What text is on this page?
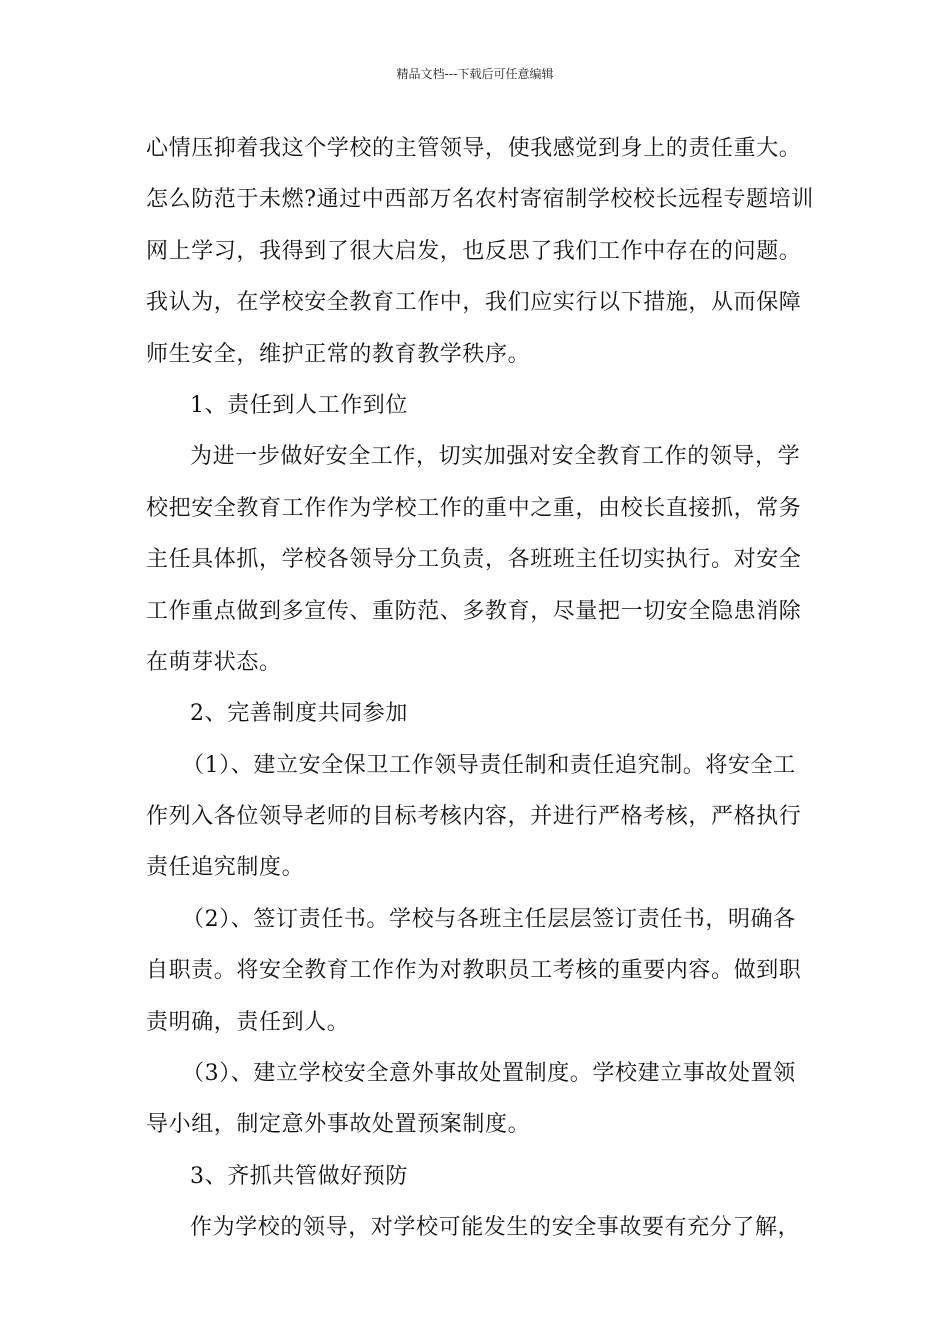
精品文档---下载后可任意编辑
心情压抑着我这个学校的主管领导，使我感觉到身上的责任重大。
怎么防范于未燃?通过中西部万名农村寄宿制学校校长远程专题培训
网上学习，我得到了很大启发，也反思了我们工作中存在的问题。
我认为，在学校安全教育工作中，我们应实行以下措施，从而保障
师生安全，维护正常的教育教学秩序。
1、责任到人工作到位
为进一步做好安全工作，切实加强对安全教育工作的领导，学
校把安全教育工作作为学校工作的重中之重，由校长直接抓，常务
主任具体抓，学校各领导分工负责，各班班主任切实执行。对安全
工作重点做到多宣传、重防范、多教育，尽量把一切安全隐患消除
在萌芽状态。
2、完善制度共同参加
（1）、建立安全保卫工作领导责任制和责任追究制。将安全工
作列入各位领导老师的目标考核内容，并进行严格考核，严格执行
责任追究制度。
（2）、签订责任书。学校与各班主任层层签订责任书，明确各
自职责。将安全教育工作作为对教职员工考核的重要内容。做到职
责明确，责任到人。
（3）、建立学校安全意外事故处置制度。学校建立事故处置领
导小组，制定意外事故处置预案制度。
3、齐抓共管做好预防
作为学校的领导，对学校可能发生的安全事故要有充分了解，
